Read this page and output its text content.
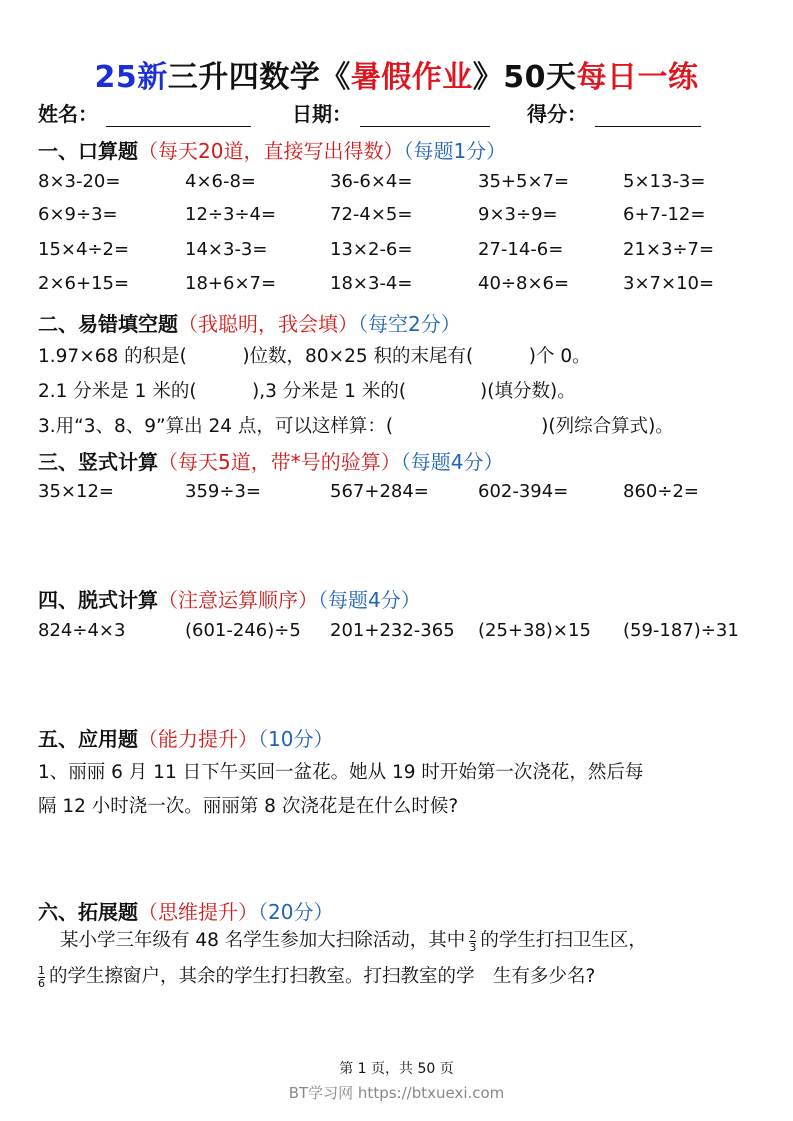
25新三升四数学《暑假作业》50天每日一练
姓名：	日期：	得分：
一、口算题（每天20道，直接写出得数）（每题1分）
二、易错填空题（我聪明，我会填）（每空2分）
三、竖式计算（每天5道，带*号的验算）（每题4分）
四、脱式计算（注意运算顺序）（每题4分）
五、应用题（能力提升）（10分）
六、拓展题（思维提升）（20分）
8×3-20=	4×6-8=	36-6×4=	35+5×7=	5×13-3=
6×9÷3=	12÷3÷4=	72-4×5=	9×3÷9=	6+7-12=
15×4÷2=	14×3-3=	13×2-6=	27-14-6=	21×3÷7=
2×6+15=	18+6×7=	18×3-4=	40÷8×6=	3×7×10=
35×12=	359÷3=	567+284=	602-394=	860÷2=
824÷4×3	(601-246)÷5 201+232-365 (25+38)×15 (59-187)÷31
1.97×68 的积是(　　　)位数，80×25 积的末尾有(　　　)个 0。
2.1 分米是 1 米的(　　　),3 分米是 1 米的(　　　　)(填分数)。
3.用“3、8、9”算出 24 点，可以这样算：(　　　　　　　　)(列综合算式)。
1、丽丽 6 月 11 日下午买回一盆花。她从 19 时开始第一次浇花，然后每
隔 12 小时浇一次。丽丽第 8 次浇花是在什么时候?
某小学三年级有 48 名学生参加大扫除活动，其中 $\frac{2}{3}$ 的学生打扫卫生区，
$\frac{1}{6}$ 的学生擦窗户，其余的学生打扫教室。打扫教室的学　生有多少名?
第 1 页，共 50 页
BT学习网 https://btxuexi.com
